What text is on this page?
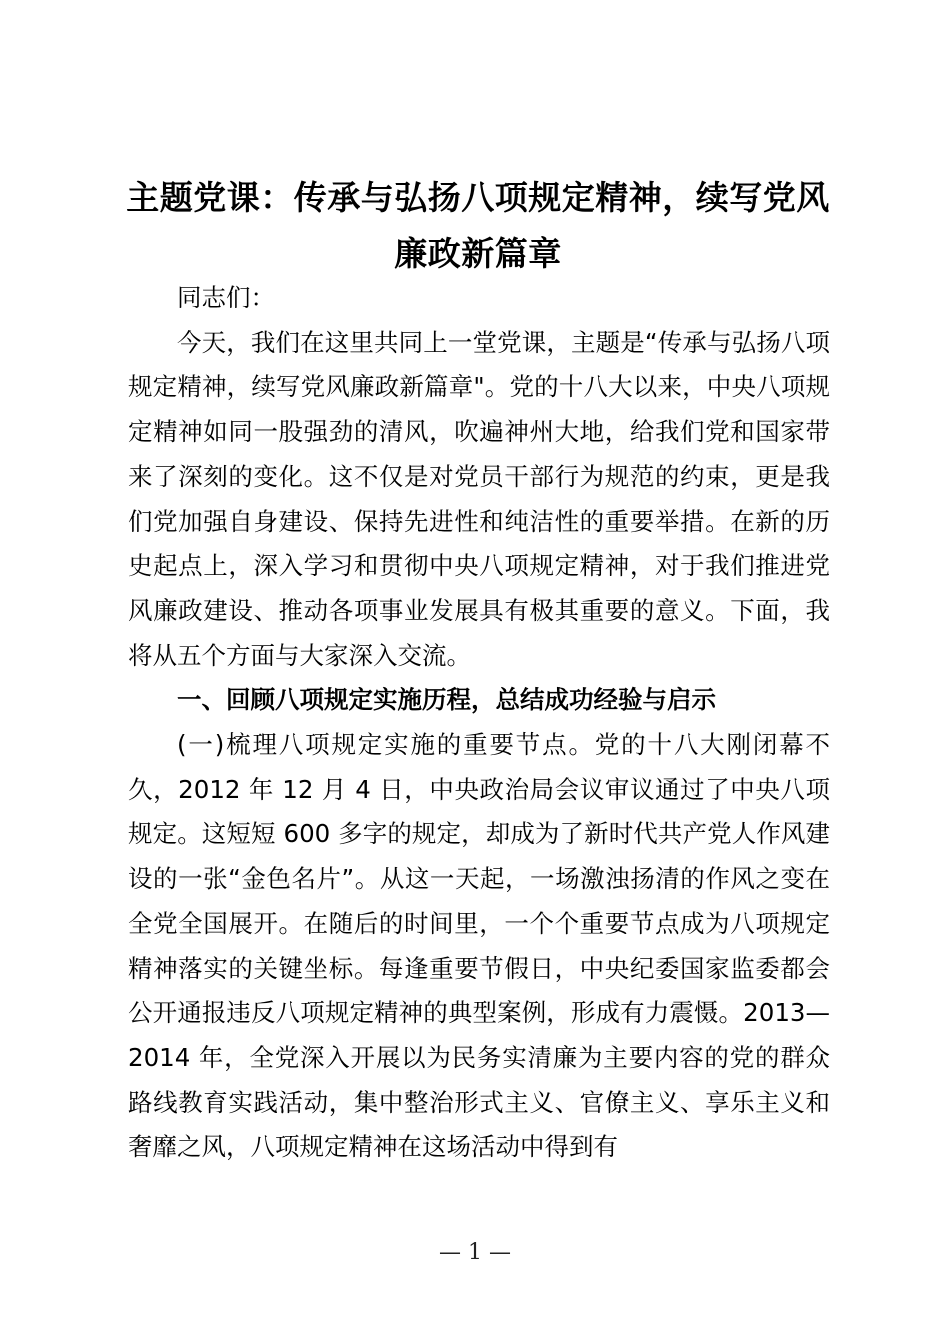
主题党课：传承与弘扬八项规定精神，续写党风廉政新篇章

同志们：

今天，我们在这里共同上一堂党课，主题是“传承与弘扬八项规定精神，续写党风廉政新篇章"。党的十八大以来，中央八项规定精神如同一股强劲的清风，吹遍神州大地，给我们党和国家带来了深刻的变化。这不仅是对党员干部行为规范的约束，更是我们党加强自身建设、保持先进性和纯洁性的重要举措。在新的历史起点上，深入学习和贯彻中央八项规定精神，对于我们推进党风廉政建设、推动各项事业发展具有极其重要的意义。下面，我将从五个方面与大家深入交流。

一、回顾八项规定实施历程，总结成功经验与启示

(一)梳理八项规定实施的重要节点。党的十八大刚闭幕不久，2012 年 12 月 4 日，中央政治局会议审议通过了中央八项规定。这短短 600 多字的规定，却成为了新时代共产党人作风建设的一张“金色名片”。从这一天起，一场激浊扬清的作风之变在全党全国展开。在随后的时间里，一个个重要节点成为八项规定精神落实的关键坐标。每逢重要节假日，中央纪委国家监委都会公开通报违反八项规定精神的典型案例，形成有力震慑。2013—2014 年，全党深入开展以为民务实清廉为主要内容的党的群众路线教育实践活动，集中整治形式主义、官僚主义、享乐主义和奢靡之风，八项规定精神在这场活动中得到有

— 1 —
